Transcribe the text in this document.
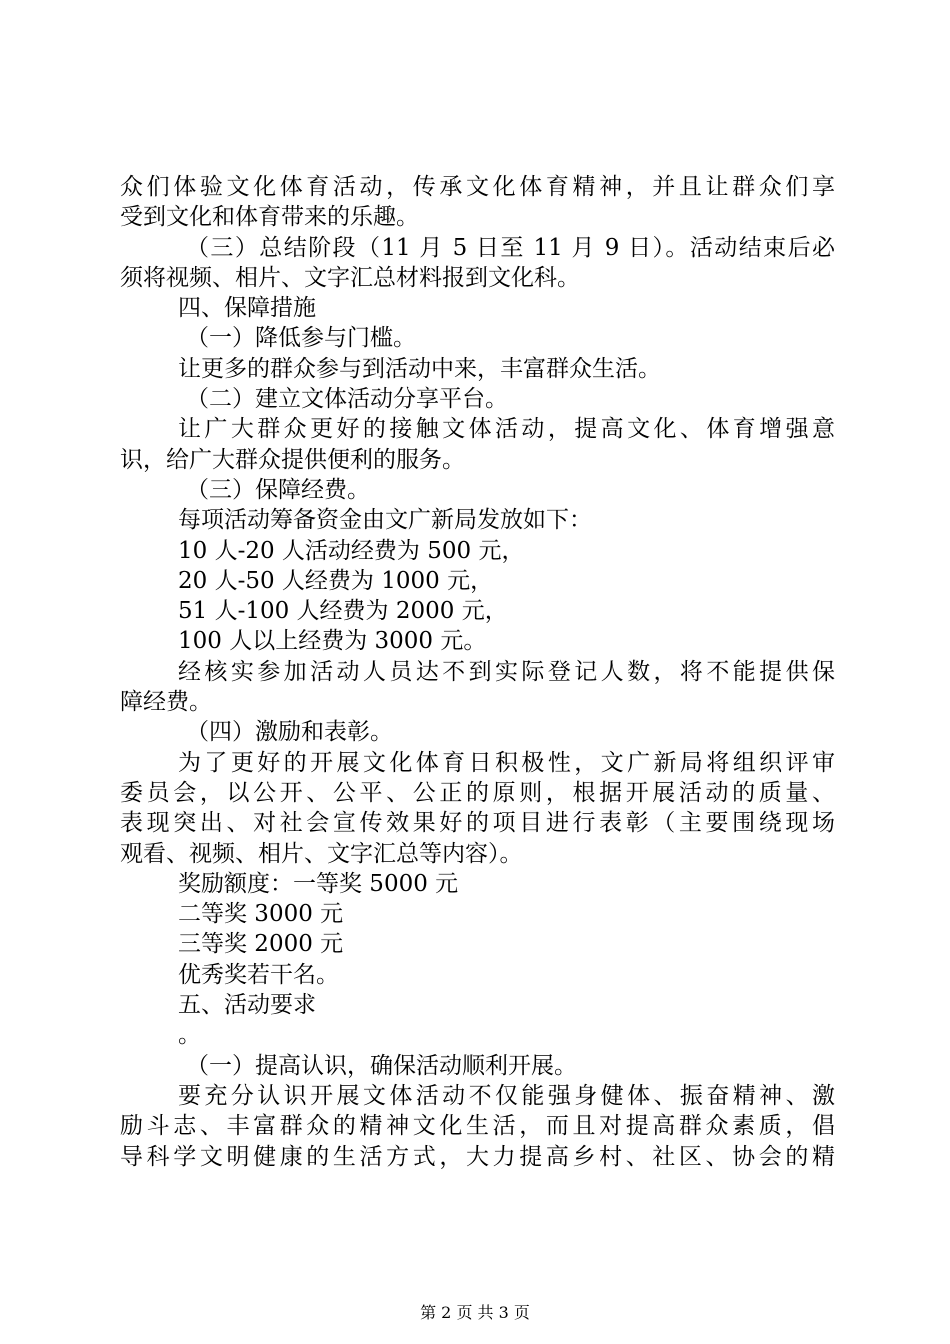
众们体验文化体育活动，传承文化体育精神，并且让群众们享
受到文化和体育带来的乐趣。
（三）总结阶段（11 月 5 日至 11 月 9 日）。活动结束后必
须将视频、相片、文字汇总材料报到文化科。
四、保障措施
（一）降低参与门槛。
让更多的群众参与到活动中来，丰富群众生活。
（二）建立文体活动分享平台。
让广大群众更好的接触文体活动，提高文化、体育增强意
识，给广大群众提供便利的服务。
（三）保障经费。
每项活动筹备资金由文广新局发放如下：
10 人-20 人活动经费为 500 元，
20 人-50 人经费为 1000 元，
51 人-100 人经费为 2000 元，
100 人以上经费为 3000 元。
经核实参加活动人员达不到实际登记人数，将不能提供保
障经费。
（四）激励和表彰。
为了更好的开展文化体育日积极性，文广新局将组织评审
委员会，以公开、公平、公正的原则，根据开展活动的质量、
表现突出、对社会宣传效果好的项目进行表彰（主要围绕现场
观看、视频、相片、文字汇总等内容）。
奖励额度：一等奖 5000 元
二等奖 3000 元
三等奖 2000 元
优秀奖若干名。
五、活动要求
。
（一）提高认识，确保活动顺利开展。
要充分认识开展文体活动不仅能强身健体、振奋精神、激
励斗志、丰富群众的精神文化生活，而且对提高群众素质，倡
导科学文明健康的生活方式，大力提高乡村、社区、协会的精
第 2 页 共 3 页
